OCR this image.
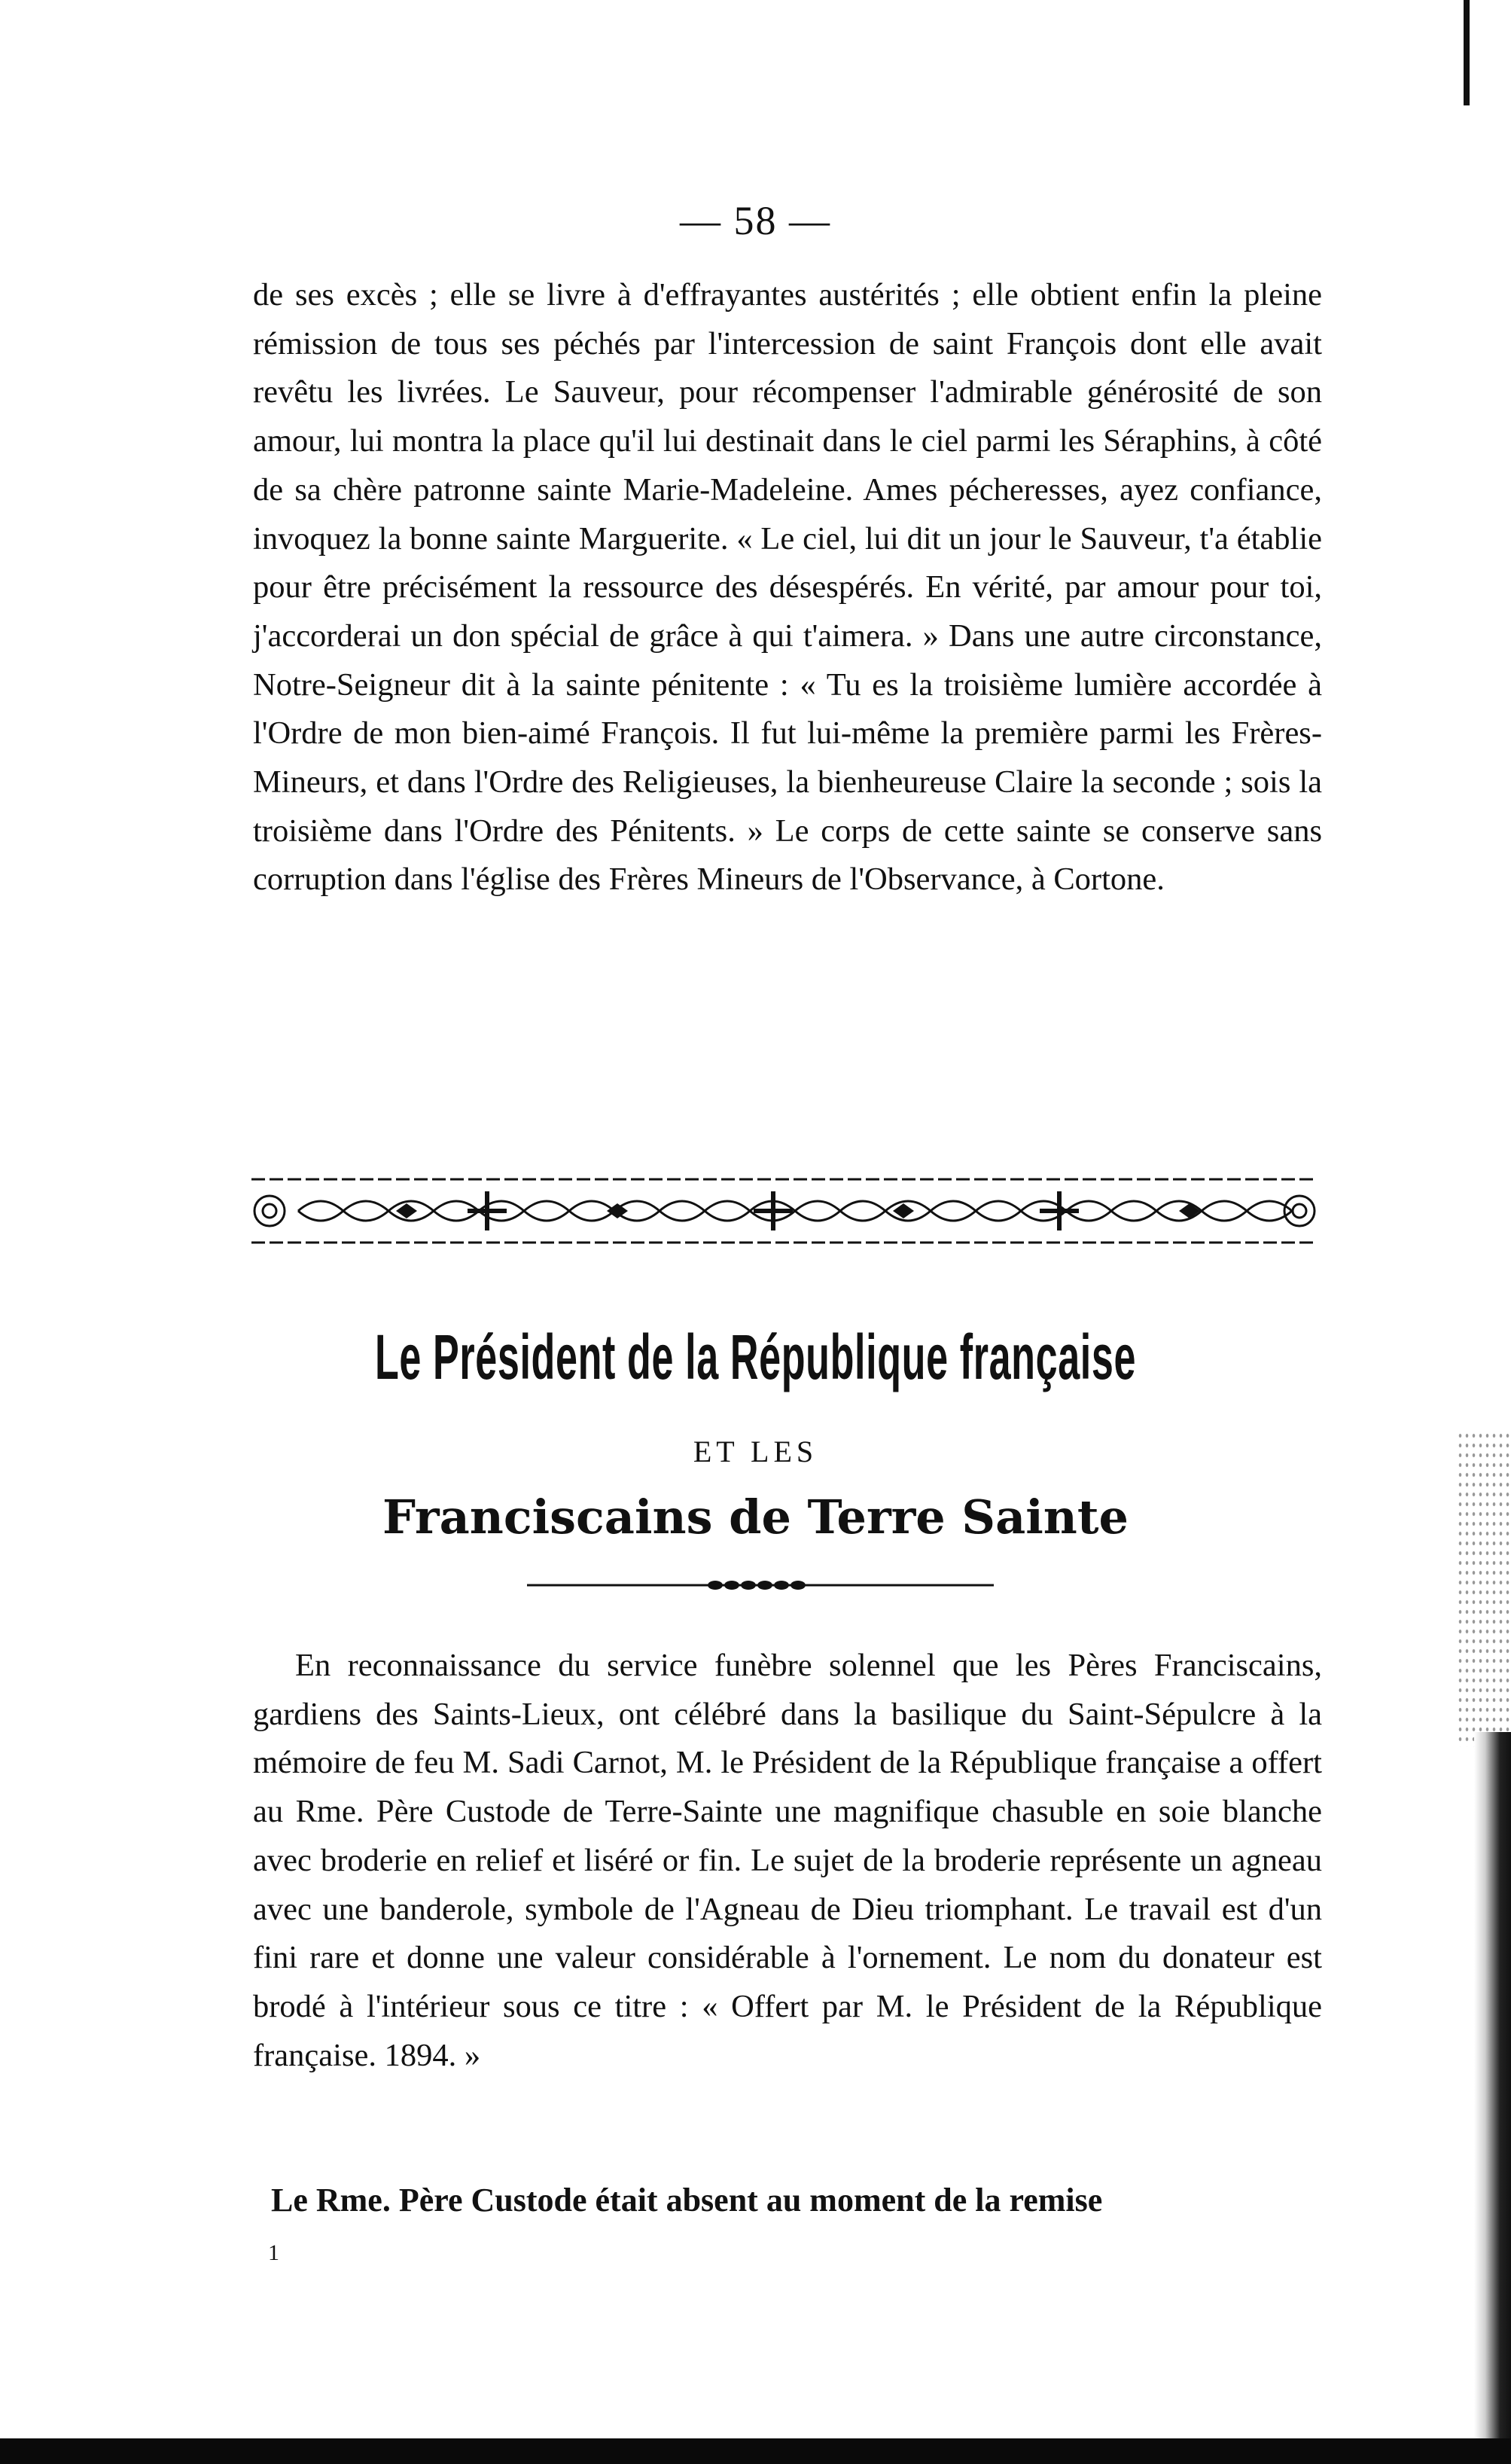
— 58 —

de ses excès ; elle se livre à d'effrayantes austérités ; elle obtient enfin la pleine rémission de tous ses péchés par l'intercession de saint François dont elle avait revêtu les livrées. Le Sauveur, pour récompenser l'admirable générosité de son amour, lui montra la place qu'il lui destinait dans le ciel parmi les Séraphins, à côté de sa chère patronne sainte Marie-Madeleine. Ames pécheresses, ayez confiance, invoquez la bonne sainte Marguerite. « Le ciel, lui dit un jour le Sauveur, t'a établie pour être précisément la ressource des désespérés. En vérité, par amour pour toi, j'accorderai un don spécial de grâce à qui t'aimera. » Dans une autre circonstance, Notre-Seigneur dit à la sainte pénitente : « Tu es la troisième lumière accordée à l'Ordre de mon bien-aimé François. Il fut lui-même la première parmi les Frères-Mineurs, et dans l'Ordre des Religieuses, la bienheureuse Claire la seconde ; sois la troisième dans l'Ordre des Pénitents. » Le corps de cette sainte se conserve sans corruption dans l'église des Frères Mineurs de l'Observance, à Cortone.

Le Président de la République française
ET LES
Franciscains de Terre Sainte

En reconnaissance du service funèbre solennel que les Pères Franciscains, gardiens des Saints-Lieux, ont célébré dans la basilique du Saint-Sépulcre à la mémoire de feu M. Sadi Carnot, M. le Président de la République française a offert au Rme. Père Custode de Terre-Sainte une magnifique chasuble en soie blanche avec broderie en relief et liséré or fin. Le sujet de la broderie représente un agneau avec une banderole, symbole de l'Agneau de Dieu triomphant. Le travail est d'un fini rare et donne une valeur considérable à l'ornement. Le nom du donateur est brodé à l'intérieur sous ce titre : « Offert par M. le Président de la République française. 1894. »

Le Rme. Père Custode était absent au moment de la remise
1
